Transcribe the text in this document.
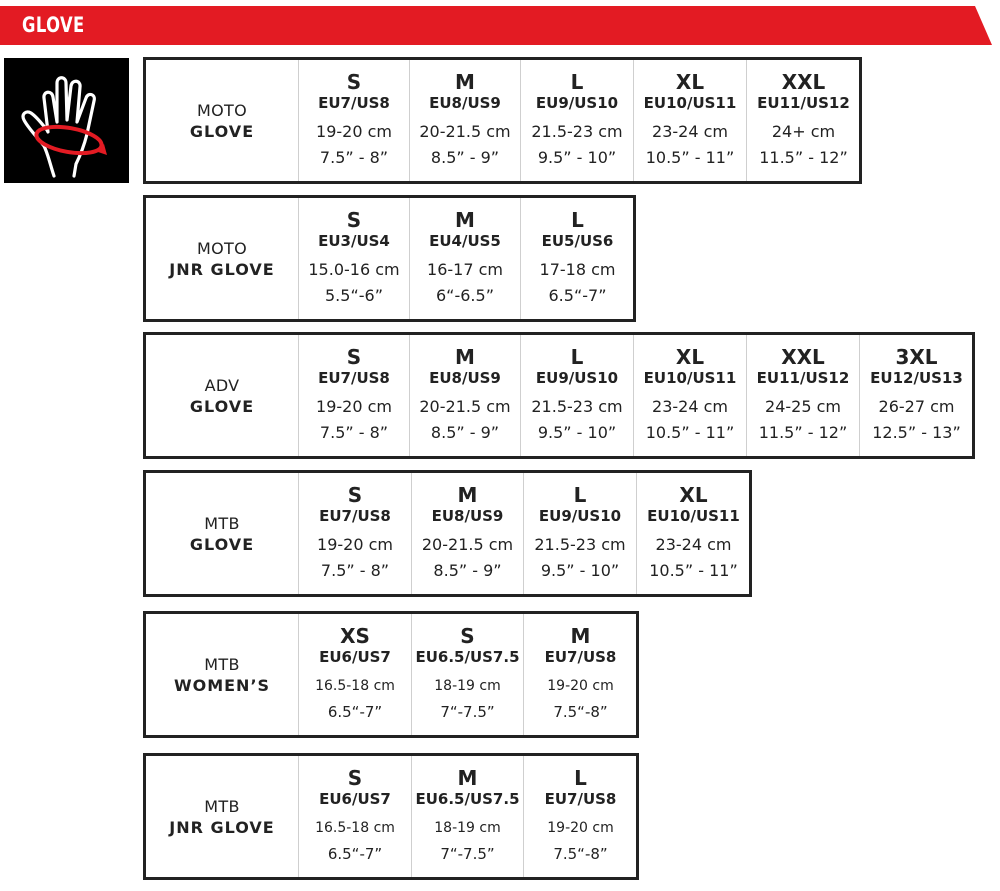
GLOVE
MOTO
GLOVE
S
EU7/US8
19-20 cm
7.5” - 8”
M
EU8/US9
20-21.5 cm
8.5” - 9”
L
EU9/US10
21.5-23 cm
9.5” - 10”
XL
EU10/US11
23-24 cm
10.5” - 11”
XXL
EU11/US12
24+ cm
11.5” - 12”
MOTO
JNR GLOVE
S
EU3/US4
15.0-16 cm
5.5“-6”
M
EU4/US5
16-17 cm
6“-6.5”
L
EU5/US6
17-18 cm
6.5“-7”
ADV
GLOVE
S
EU7/US8
19-20 cm
7.5” - 8”
M
EU8/US9
20-21.5 cm
8.5” - 9”
L
EU9/US10
21.5-23 cm
9.5” - 10”
XL
EU10/US11
23-24 cm
10.5” - 11”
XXL
EU11/US12
24-25 cm
11.5” - 12”
3XL
EU12/US13
26-27 cm
12.5” - 13”
MTB
GLOVE
S
EU7/US8
19-20 cm
7.5” - 8”
M
EU8/US9
20-21.5 cm
8.5” - 9”
L
EU9/US10
21.5-23 cm
9.5” - 10”
XL
EU10/US11
23-24 cm
10.5” - 11”
MTB
WOMEN’S
XS
EU6/US7
16.5-18 cm
6.5“-7”
S
EU6.5/US7.5
18-19 cm
7“-7.5”
M
EU7/US8
19-20 cm
7.5“-8”
MTB
JNR GLOVE
S
EU6/US7
16.5-18 cm
6.5“-7”
M
EU6.5/US7.5
18-19 cm
7“-7.5”
L
EU7/US8
19-20 cm
7.5“-8”
